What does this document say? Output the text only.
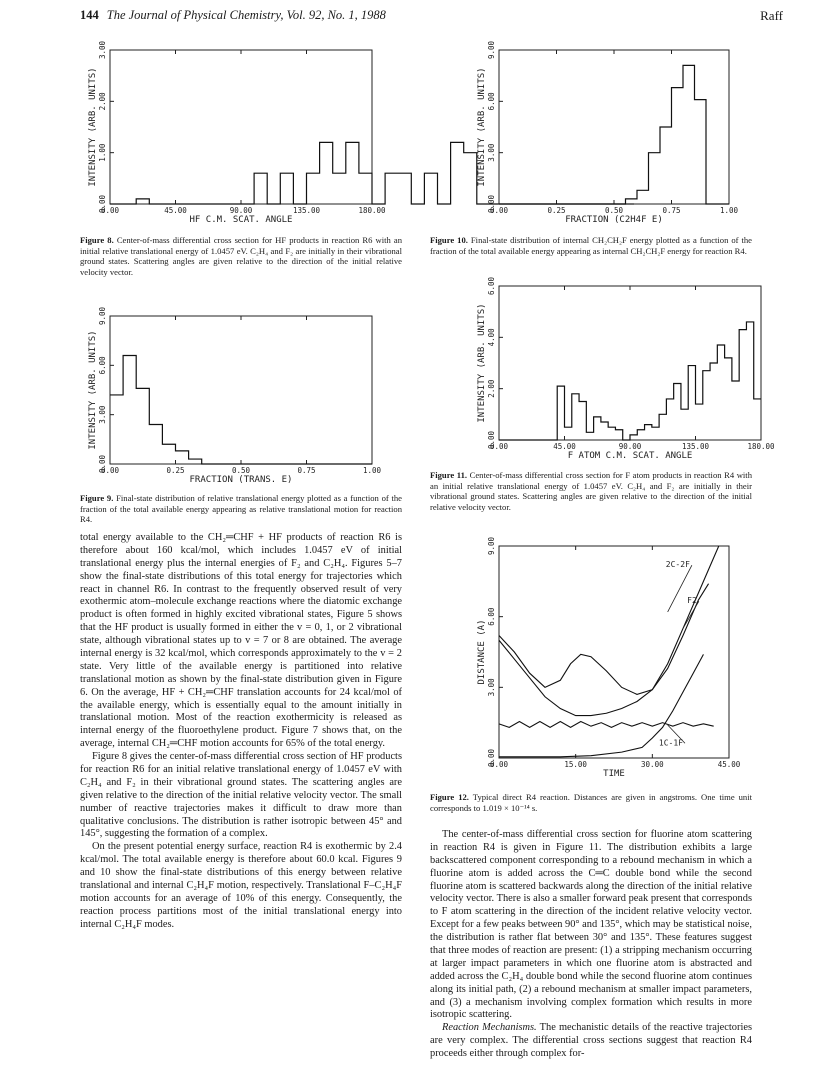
144 The Journal of Physical Chemistry, Vol. 92, No. 1, 1988	Raff
0.00	45.00	90.00	135.00	180.00
0.00
1.00
2.00
3.00
HF C.M. SCAT. ANGLE
INTENSITY (ARB. UNITS)
Figure 8. Center-of-mass differential cross section for HF products in reaction R6 with an initial relative translational energy of 1.0457 eV. C₂H₄ and F₂ are initially in their vibrational ground states. Scattering angles are given relative to the direction of the initial relative velocity vector.
0.00	0.25	0.50	0.75	1.00
0.00
3.00
6.00
9.00
FRACTION (TRANS. E)
INTENSITY (ARB. UNITS)
Figure 9. Final-state distribution of relative translational energy plotted as a function of the fraction of the total available energy appearing as relative translational motion for reaction R4.
0.00	0.25	0.50	0.75	1.00
0.00
3.00
6.00
9.00
FRACTION (C2H4F E)
INTENSITY (ARB. UNITS)
Figure 10. Final-state distribution of internal CH₂CH₂F energy plotted as a function of the fraction of the total available energy appearing as internal CH₂CH₂F energy for reaction R4.
0.00	45.00	90.00	135.00	180.00
0.00
2.00
4.00
6.00
F ATOM C.M. SCAT. ANGLE
INTENSITY (ARB. UNITS)
Figure 11. Center-of-mass differential cross section for F atom products in reaction R4 with an initial relative translational energy of 1.0457 eV. C₂H₄ and F₂ are initially in their vibrational ground states. Scattering angles are given relative to the direction of the initial relative velocity vector.
0.00	15.00	30.00	45.00
0.00
3.00
6.00
9.00
TIME
DISTANCE (A)
2C-2F
F2
1C-1F
Figure 12. Typical direct R4 reaction. Distances are given in angstroms. One time unit corresponds to 1.019 × 10⁻¹⁴ s.

total energy available to the CH₂═CHF + HF products of reaction R6 is therefore about 160 kcal/mol, which includes 1.0457 eV of initial translational energy plus the internal energies of F₂ and C₂H₄. Figures 5–7 show the final-state distributions of this total energy for trajectories which react in channel R6. In contrast to the frequently observed result of very exothermic atom–molecule exchange reactions where the diatomic exchange product is often formed in highly excited vibrational states, Figure 5 shows that the HF product is usually formed in either the v = 0, 1, or 2 vibrational state, although vibrational states up to v = 7 or 8 are obtained. The average internal energy is 32 kcal/mol, which corresponds approximately to the v = 2 state. Very little of the available energy is partitioned into relative translational motion as shown by the final-state distribution given in Figure 6. On the average, HF + CH₂═CHF translation accounts for 24 kcal/mol of the available energy, which is essentially equal to the amount initially in translational motion. Most of the reaction exothermicity is released as internal energy of the fluoroethylene product. Figure 7 shows that, on the average, internal CH₂═CHF motion accounts for 65% of the total energy.

Figure 8 gives the center-of-mass differential cross section of HF products for reaction R6 for an initial relative translational energy of 1.0457 eV with C₂H₄ and F₂ in their vibrational ground states. The scattering angles are given relative to the direction of the initial relative velocity vector. The small number of reactive trajectories makes it difficult to draw more than qualitative conclusions. The distribution is rather isotropic between 45° and 145°, suggesting the formation of a complex.

On the present potential energy surface, reaction R4 is exothermic by 2.4 kcal/mol. The total available energy is therefore about 60.0 kcal. Figures 9 and 10 show the final-state distributions of this energy between relative translational and internal C₂H₄F motion, respectively. Translational F–C₂H₄F motion accounts for an average of 10% of this energy. Consequently, the reaction process partitions most of the initial translational energy into internal C₂H₄F modes.

The center-of-mass differential cross section for fluorine atom scattering in reaction R4 is given in Figure 11. The distribution exhibits a large backscattered component corresponding to a rebound mechanism in which a fluorine atom is added across the C═C double bond while the second fluorine atom is scattered backwards along the direction of the initial relative velocity vector. There is also a smaller forward peak present that corresponds to F atom scattering in the direction of the incident relative velocity vector. Except for a few peaks between 90° and 135°, which may be statistical noise, the distribution is rather flat between 30° and 135°. These features suggest that three modes of reaction are present: (1) a stripping mechanism occurring at larger impact parameters in which one fluorine atom is abstracted and added across the C₂H₄ double bond while the second fluorine atom continues along its initial path, (2) a rebound mechanism at smaller impact parameters, and (3) a mechanism involving complex formation which results in more isotropic scattering.

Reaction Mechanisms. The mechanistic details of the reactive trajectories are very complex. The differential cross sections suggest that reaction R4 proceeds either through complex for-
